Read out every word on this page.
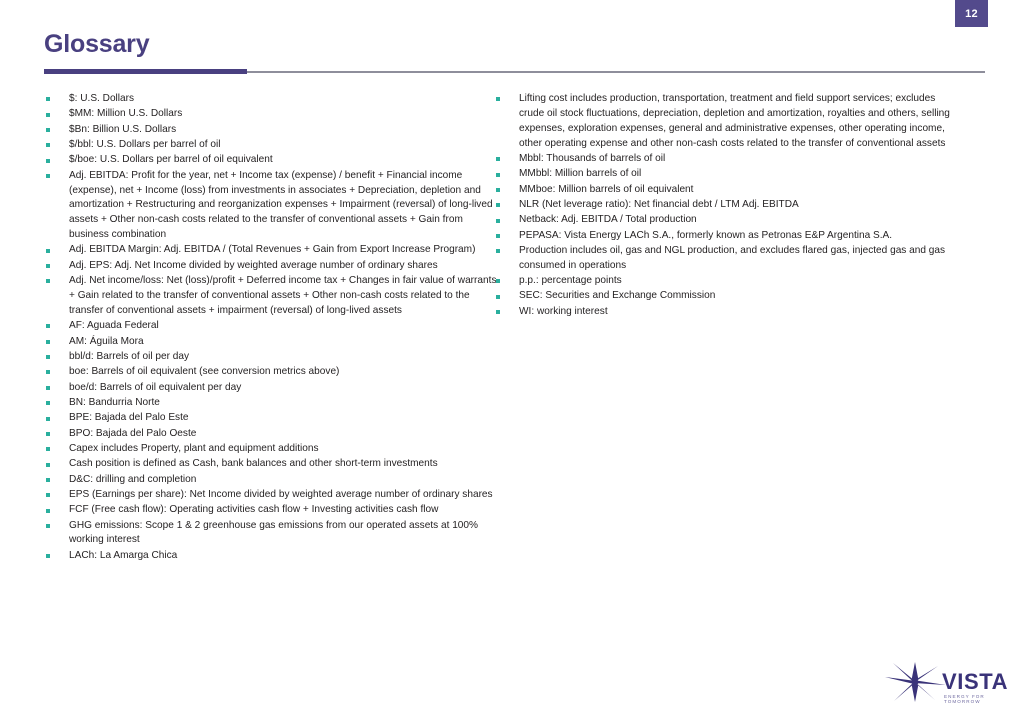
12
Glossary
$: U.S. Dollars
$MM: Million U.S. Dollars
$Bn: Billion U.S. Dollars
$/bbl: U.S. Dollars per barrel of oil
$/boe: U.S. Dollars per barrel of oil equivalent
Adj. EBITDA: Profit for the year, net + Income tax (expense) / benefit + Financial income (expense), net + Income (loss) from investments in associates + Depreciation, depletion and amortization + Restructuring and reorganization expenses + Impairment (reversal) of long-lived assets + Other non-cash costs related to the transfer of conventional assets + Gain from business combination
Adj. EBITDA Margin: Adj. EBITDA / (Total Revenues + Gain from Export Increase Program)
Adj. EPS: Adj. Net Income divided by weighted average number of ordinary shares
Adj. Net income/loss: Net (loss)/profit + Deferred income tax + Changes in fair value of warrants + Gain related to the transfer of conventional assets + Other non-cash costs related to the transfer of conventional assets + impairment (reversal) of long-lived assets
AF: Aguada Federal
AM: Águila Mora
bbl/d: Barrels of oil per day
boe: Barrels of oil equivalent (see conversion metrics above)
boe/d: Barrels of oil equivalent per day
BN: Bandurria Norte
BPE: Bajada del Palo Este
BPO: Bajada del Palo Oeste
Capex includes Property, plant and equipment additions
Cash position is defined as Cash, bank balances and other short-term investments
D&C: drilling and completion
EPS (Earnings per share): Net Income divided by weighted average number of ordinary shares
FCF (Free cash flow): Operating activities cash flow + Investing activities cash flow
GHG emissions: Scope 1 & 2 greenhouse gas emissions from our operated assets at 100% working interest
LACh: La Amarga Chica
Lifting cost includes production, transportation, treatment and field support services; excludes crude oil stock fluctuations, depreciation, depletion and amortization, royalties and others, selling expenses, exploration expenses, general and administrative expenses, other operating income, other operating expense and other non-cash costs related to the transfer of conventional assets
Mbbl: Thousands of barrels of oil
MMbbl: Million barrels of oil
MMboe: Million barrels of oil equivalent
NLR (Net leverage ratio): Net financial debt / LTM Adj. EBITDA
Netback: Adj. EBITDA / Total production
PEPASA: Vista Energy LACh S.A., formerly known as Petronas E&P Argentina S.A.
Production includes oil, gas and NGL production, and excludes flared gas, injected gas and gas consumed in operations
p.p.: percentage points
SEC: Securities and Exchange Commission
WI: working interest
VISTA
ENERGY FOR TOMORROW
